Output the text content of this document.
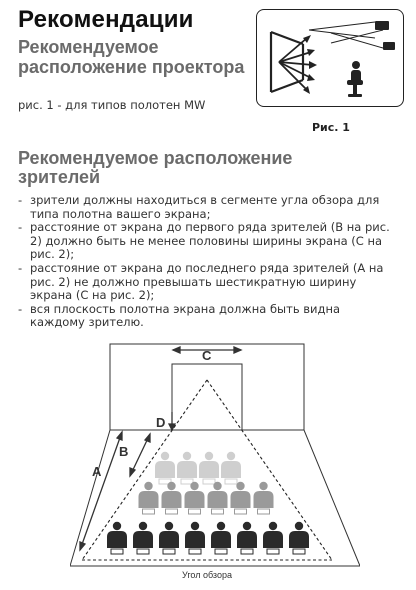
Рекомендации
Рекомендуемое расположение проектора
рис. 1 - для типов полотен MW
Рис. 1
Рекомендуемое расположение зрителей
- зрители должны находиться в сегменте угла обзора для типа полотна вашего экрана;
- расстояние от экрана до первого ряда зрителей (B на рис. 2) должно быть не менее половины ширины экрана (C на рис. 2);
- расстояние от экрана до последнего ряда зрителей (A на рис. 2) не должно превышать шестикратную ширину экрана (C на рис. 2);
- вся плоскость полотна экрана должна быть видна каждому зрителю.
C
D
B
A
Угол обзора
